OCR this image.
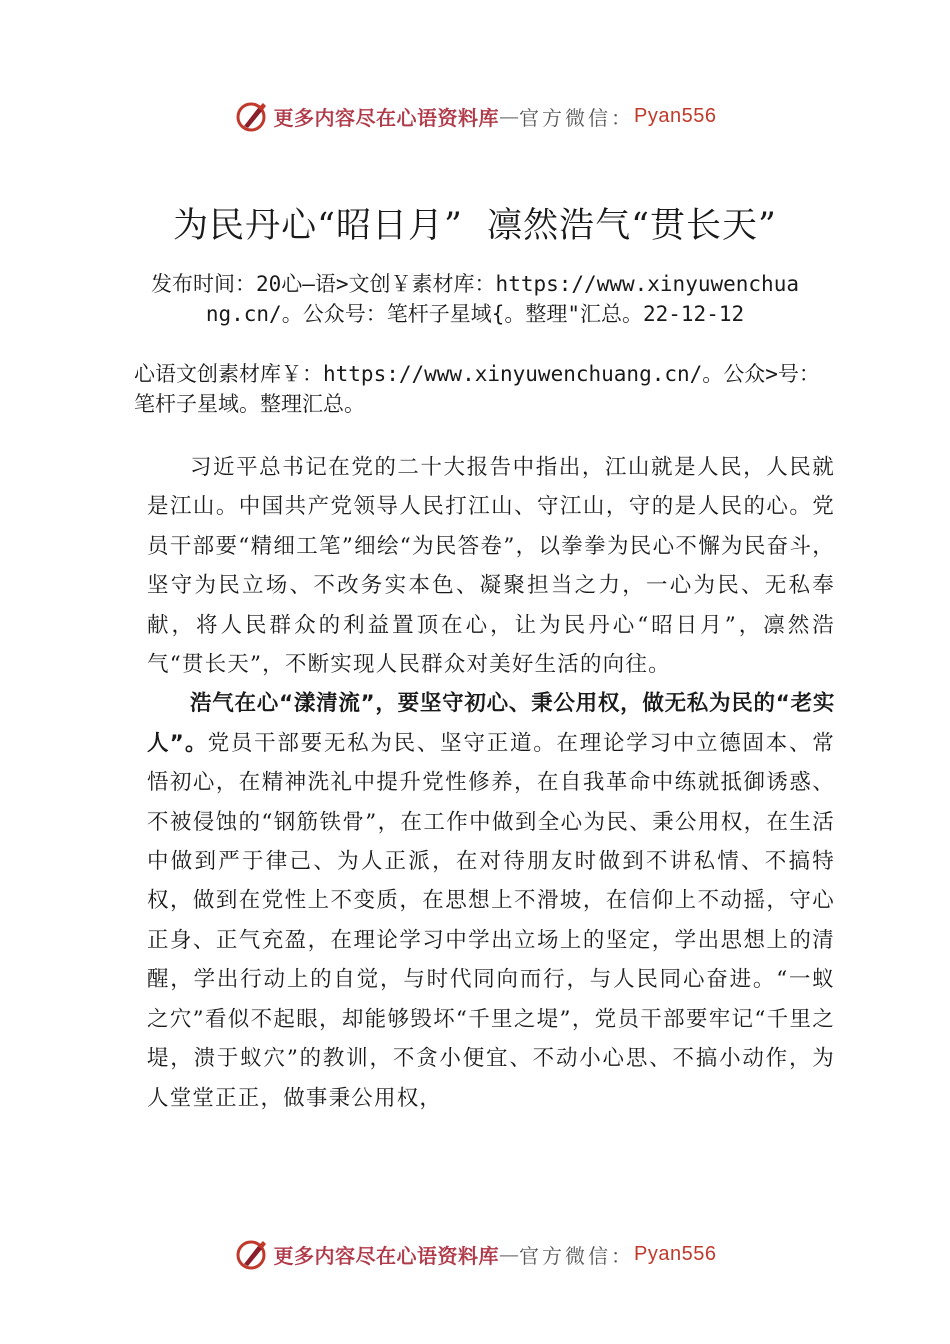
更多内容尽在心语资料库 — 官方微信： Pyan556
为民丹心“昭日月”  凛然浩气“贯长天”
发布时间：20心—语>文创￥素材库：https://www.xinyuwenchuang.cn/。公众号：笔杆子星域{。整理"汇总。22-12-12
心语文创素材库￥：https://www.xinyuwenchuang.cn/。公众>号：笔杆子星域。整理汇总。

习近平总书记在党的二十大报告中指出，江山就是人民，人民就是江山。中国共产党领导人民打江山、守江山，守的是人民的心。党员干部要“精细工笔”细绘“为民答卷”，以拳拳为民心不懈为民奋斗，坚守为民立场、不改务实本色、凝聚担当之力，一心为民、无私奉献，将人民群众的利益置顶在心，让为民丹心“昭日月”，凛然浩气“贯长天”，不断实现人民群众对美好生活的向往。

浩气在心“漾清流”，要坚守初心、秉公用权，做无私为民的“老实人”。党员干部要无私为民、坚守正道。在理论学习中立德固本、常悟初心，在精神洗礼中提升党性修养，在自我革命中练就抵御诱惑、不被侵蚀的“钢筋铁骨”，在工作中做到全心为民、秉公用权，在生活中做到严于律己、为人正派，在对待朋友时做到不讲私情、不搞特权，做到在党性上不变质，在思想上不滑坡，在信仰上不动摇，守心正身、正气充盈，在理论学习中学出立场上的坚定，学出思想上的清醒，学出行动上的自觉，与时代同向而行，与人民同心奋进。“一蚁之穴”看似不起眼，却能够毁坏“千里之堤”，党员干部要牢记“千里之堤，溃于蚁穴”的教训，不贪小便宜、不动小心思、不搞小动作，为人堂堂正正，做事秉公用权，

更多内容尽在心语资料库 — 官方微信： Pyan556
